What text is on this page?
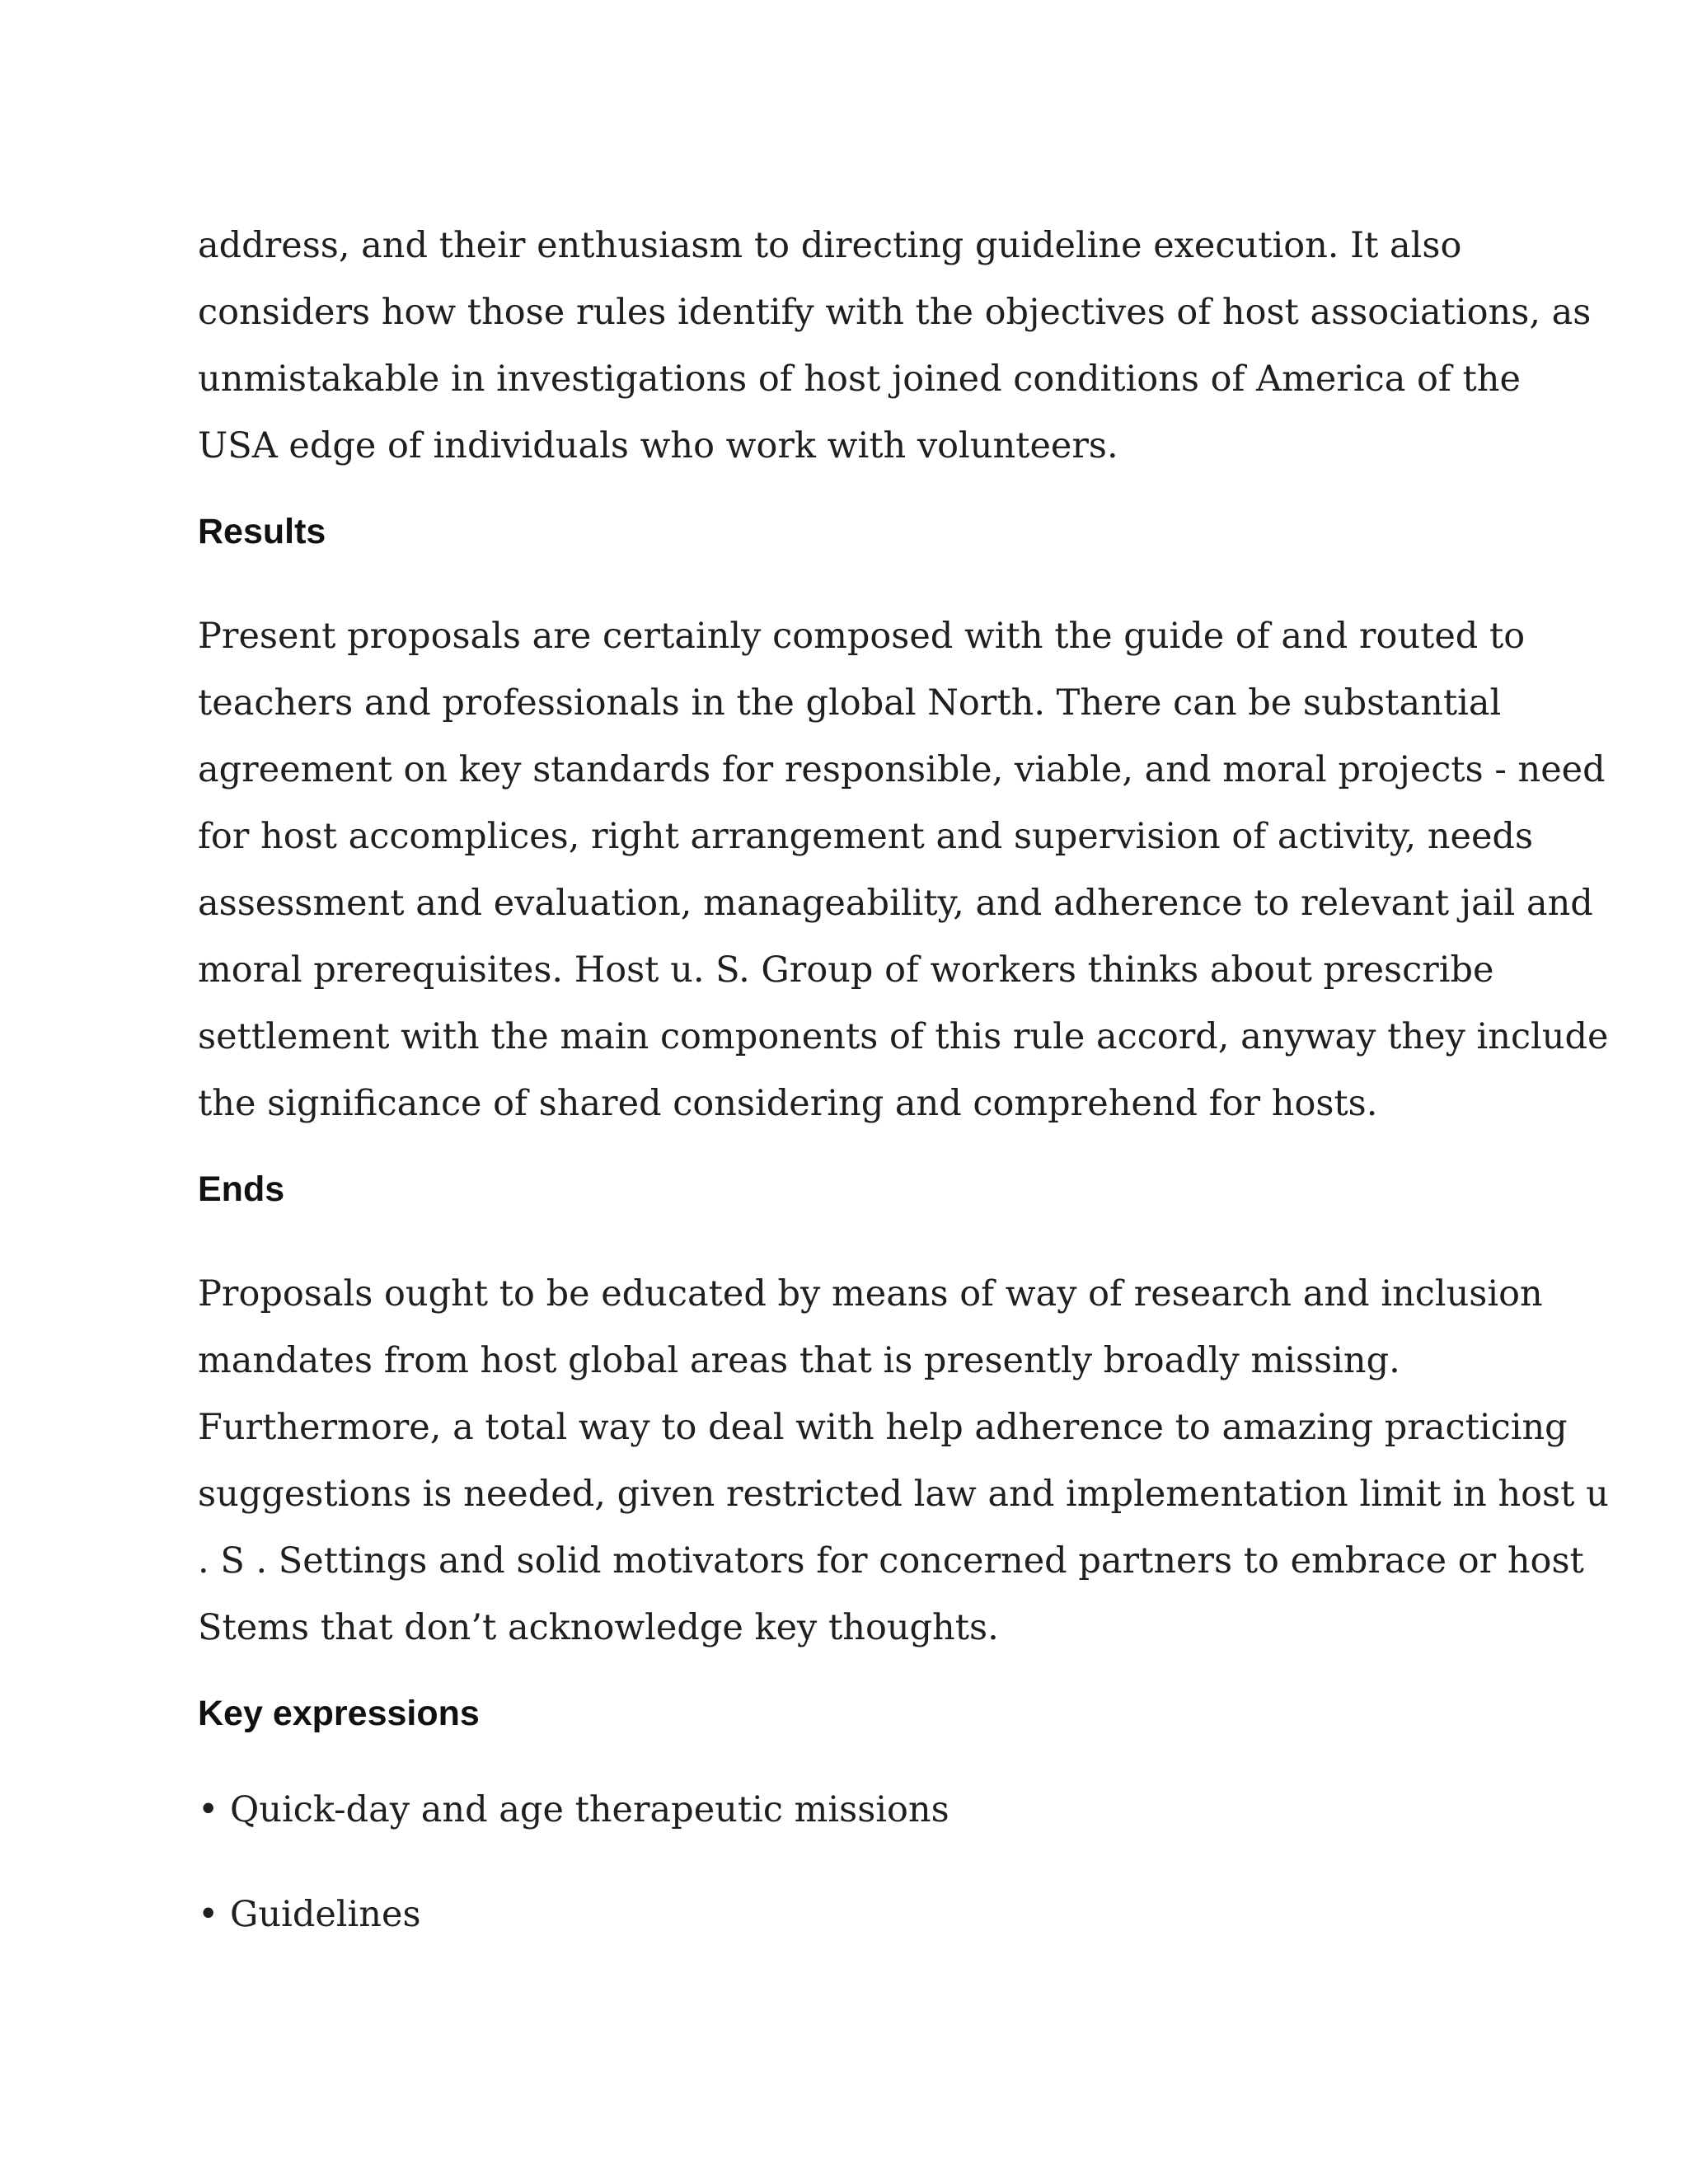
address, and their enthusiasm to directing guideline execution. It also
considers how those rules identify with the objectives of host associations, as
unmistakable in investigations of host joined conditions of America of the
USA edge of individuals who work with volunteers.

Results

Present proposals are certainly composed with the guide of and routed to
teachers and professionals in the global North. There can be substantial
agreement on key standards for responsible, viable, and moral projects - need
for host accomplices, right arrangement and supervision of activity, needs
assessment and evaluation, manageability, and adherence to relevant jail and
moral prerequisites. Host u. S. Group of workers thinks about prescribe
settlement with the main components of this rule accord, anyway they include
the significance of shared considering and comprehend for hosts.

Ends

Proposals ought to be educated by means of way of research and inclusion
mandates from host global areas that is presently broadly missing.
Furthermore, a total way to deal with help adherence to amazing practicing
suggestions is needed, given restricted law and implementation limit in host u
. S . Settings and solid motivators for concerned partners to embrace or host
Stems that don’t acknowledge key thoughts.

Key expressions
• Quick-day and age therapeutic missions
• Guidelines
